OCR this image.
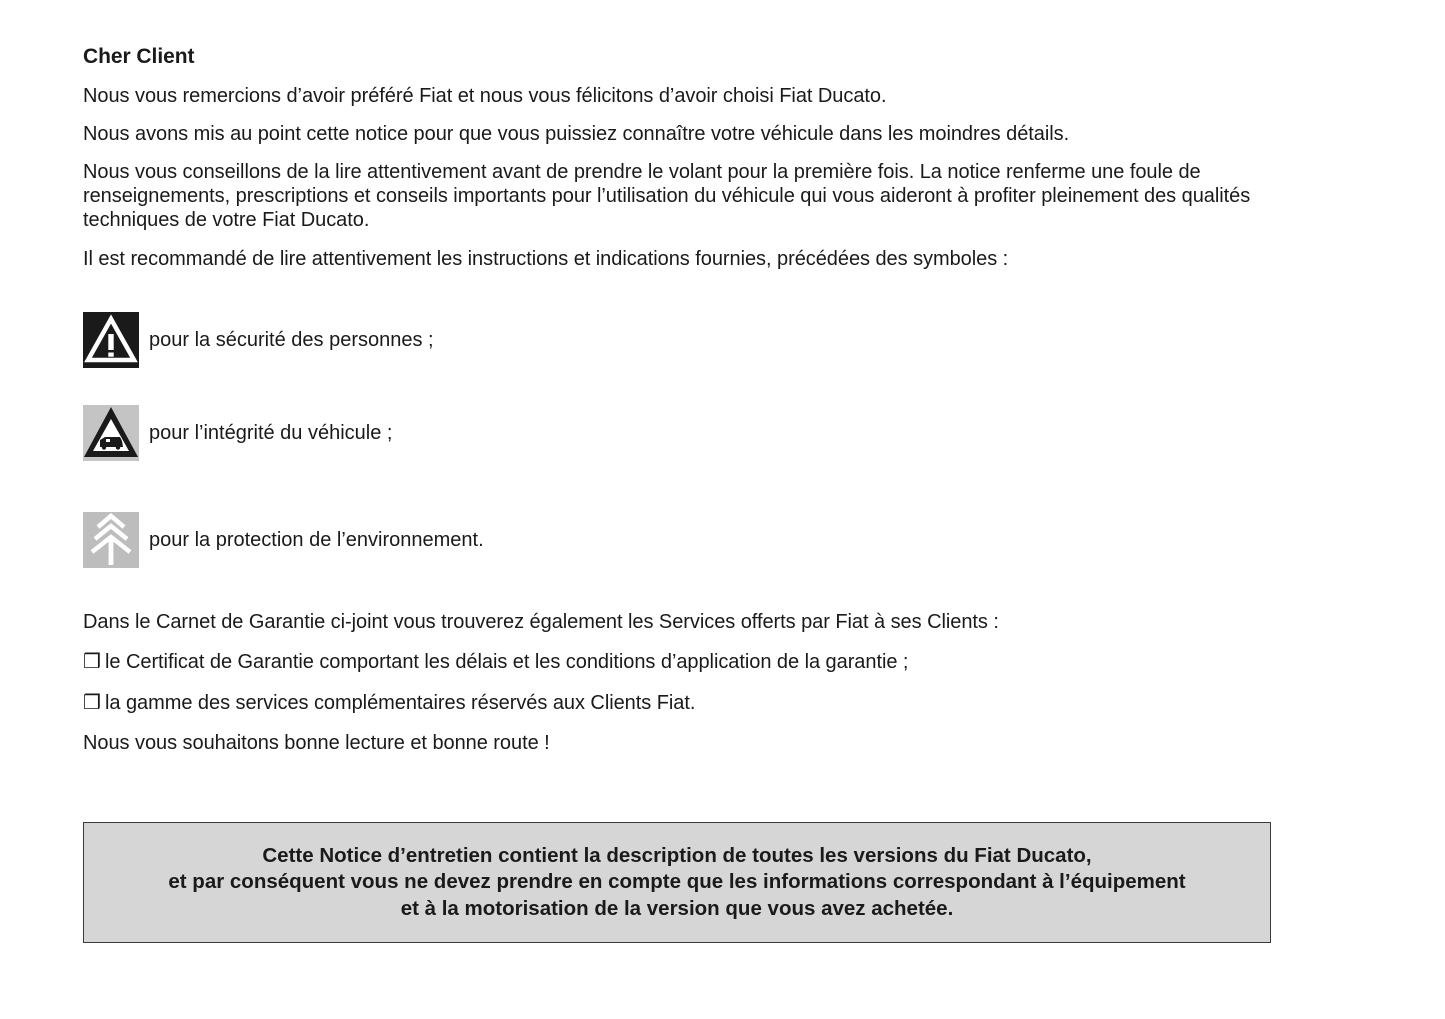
Cher Client

Nous vous remercions d’avoir préféré Fiat et nous vous félicitons d’avoir choisi Fiat Ducato.

Nous avons mis au point cette notice pour que vous puissiez connaître votre véhicule dans les moindres détails.

Nous vous conseillons de la lire attentivement avant de prendre le volant pour la première fois. La notice renferme une foule de renseignements, prescriptions et conseils importants pour l’utilisation du véhicule qui vous aideront à profiter pleinement des qualités techniques de votre Fiat Ducato.

Il est recommandé de lire attentivement les instructions et indications fournies, précédées des symboles :

pour la sécurité des personnes ;
pour l’intégrité du véhicule ;
pour la protection de l’environnement.

Dans le Carnet de Garantie ci-joint vous trouverez également les Services offerts par Fiat à ses Clients :

❒ le Certificat de Garantie comportant les délais et les conditions d’application de la garantie ;

❒ la gamme des services complémentaires réservés aux Clients Fiat.

Nous vous souhaitons bonne lecture et bonne route !

Cette Notice d’entretien contient la description de toutes les versions du Fiat Ducato,
et par conséquent vous ne devez prendre en compte que les informations correspondant à l’équipement
et à la motorisation de la version que vous avez achetée.
